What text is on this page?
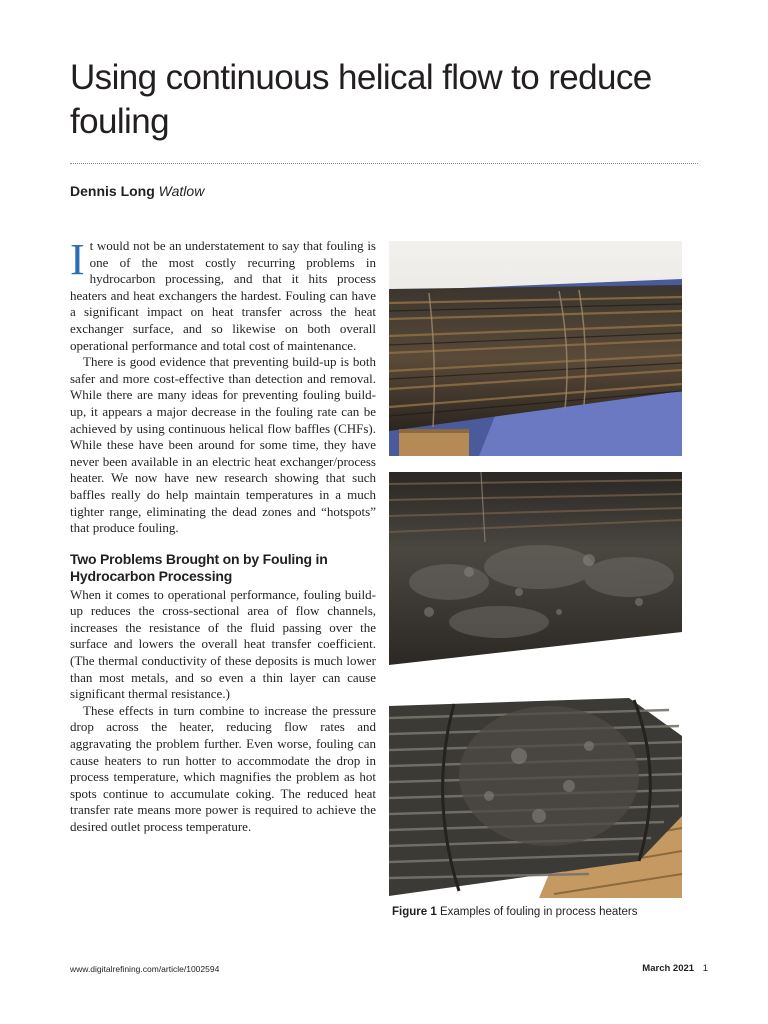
Using continuous helical flow to reduce fouling
Dennis Long Watlow

It would not be an understatement to say that fouling is one of the most costly recurring problems in hydrocarbon processing, and that it hits process heaters and heat exchangers the hardest. Fouling can have a significant impact on heat transfer across the heat exchanger surface, and so likewise on both overall operational performance and total cost of maintenance.

There is good evidence that preventing build-up is both safer and more cost-effective than detection and removal. While there are many ideas for preventing fouling build-up, it appears a major decrease in the fouling rate can be achieved by using continuous helical flow baffles (CHFs). While these have been around for some time, they have never been available in an electric heat exchanger/process heater. We now have new research showing that such baffles really do help maintain temperatures in a much tighter range, eliminating the dead zones and “hotspots” that produce fouling.

Two Problems Brought on by Fouling in Hydrocarbon Processing

When it comes to operational performance, fouling build-up reduces the cross-sectional area of flow channels, increases the resistance of the fluid passing over the surface and lowers the overall heat transfer coefficient. (The thermal conductivity of these deposits is much lower than most metals, and so even a thin layer can cause significant thermal resistance.)

These effects in turn combine to increase the pressure drop across the heater, reducing flow rates and aggravating the problem further. Even worse, fouling can cause heaters to run hotter to accommodate the drop in process temperature, which magnifies the problem as hot spots continue to accumulate coking. The reduced heat transfer rate means more power is required to achieve the desired outlet process temperature.

Figure 1 Examples of fouling in process heaters
www.digitalrefining.com/article/1002594	March 2021 1
